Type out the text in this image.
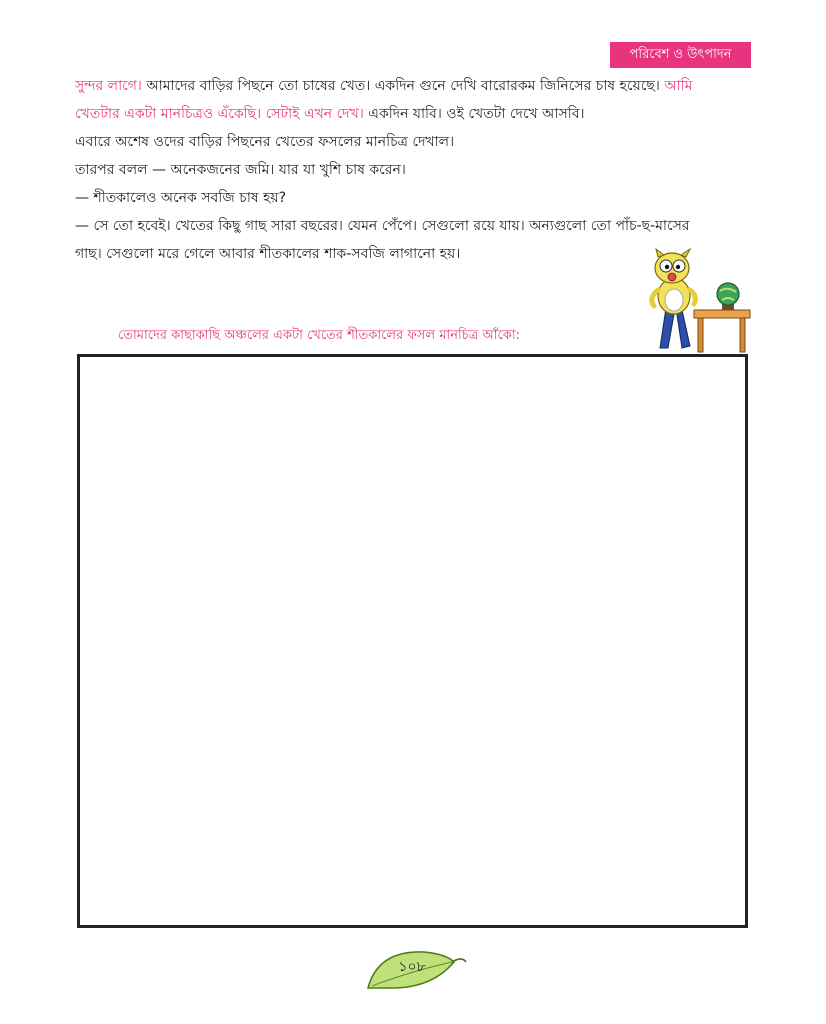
পরিবেশ ও উৎপাদন

সুন্দর লাগে। আমাদের বাড়ির পিছনে তো চাষের খেত। একদিন গুনে দেখি বারোরকম জিনিসের চাষ হয়েছে। আমি

খেতটার একটা মানচিত্রও এঁকেছি। সেটাই এখন দেখ। একদিন যাবি। ওই খেতটা দেখে আসবি।

এবারে অশেষ ওদের বাড়ির পিছনের খেতের ফসলের মানচিত্র দেখাল।

তারপর বলল — অনেকজনের জমি। যার যা খুশি চাষ করেন।

— শীতকালেও অনেক সবজি চাষ হয়?

— সে তো হবেই। খেতের কিছু গাছ সারা বছরের। যেমন পেঁপে। সেগুলো রয়ে যায়। অন্যগুলো তো পাঁচ-ছ-মাসের

গাছ। সেগুলো মরে গেলে আবার শীতকালের শাক-সবজি লাগানো হয়।

তোমাদের কাছাকাছি অঞ্চলের একটা খেতের শীতকালের ফসল মানচিত্র আঁকো:
১০৮
